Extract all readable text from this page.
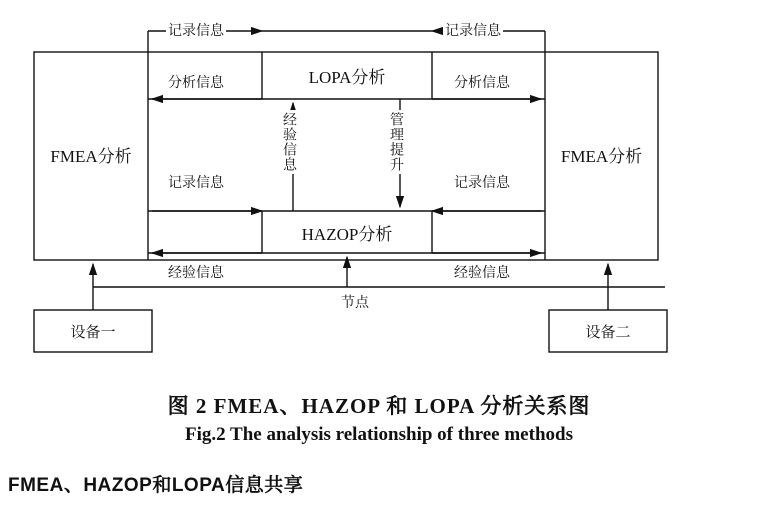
FMEA分析	FMEA分析
LOPA分析
HAZOP分析
设备一	设备二
节点
记录信息	记录信息
分析信息	分析信息
记录信息	记录信息
经验信息	经验信息
经验信息	管理提升
图 2 FMEA、HAZOP 和 LOPA 分析关系图
Fig.2 The analysis relationship of three methods
FMEA、HAZOP和LOPA信息共享
